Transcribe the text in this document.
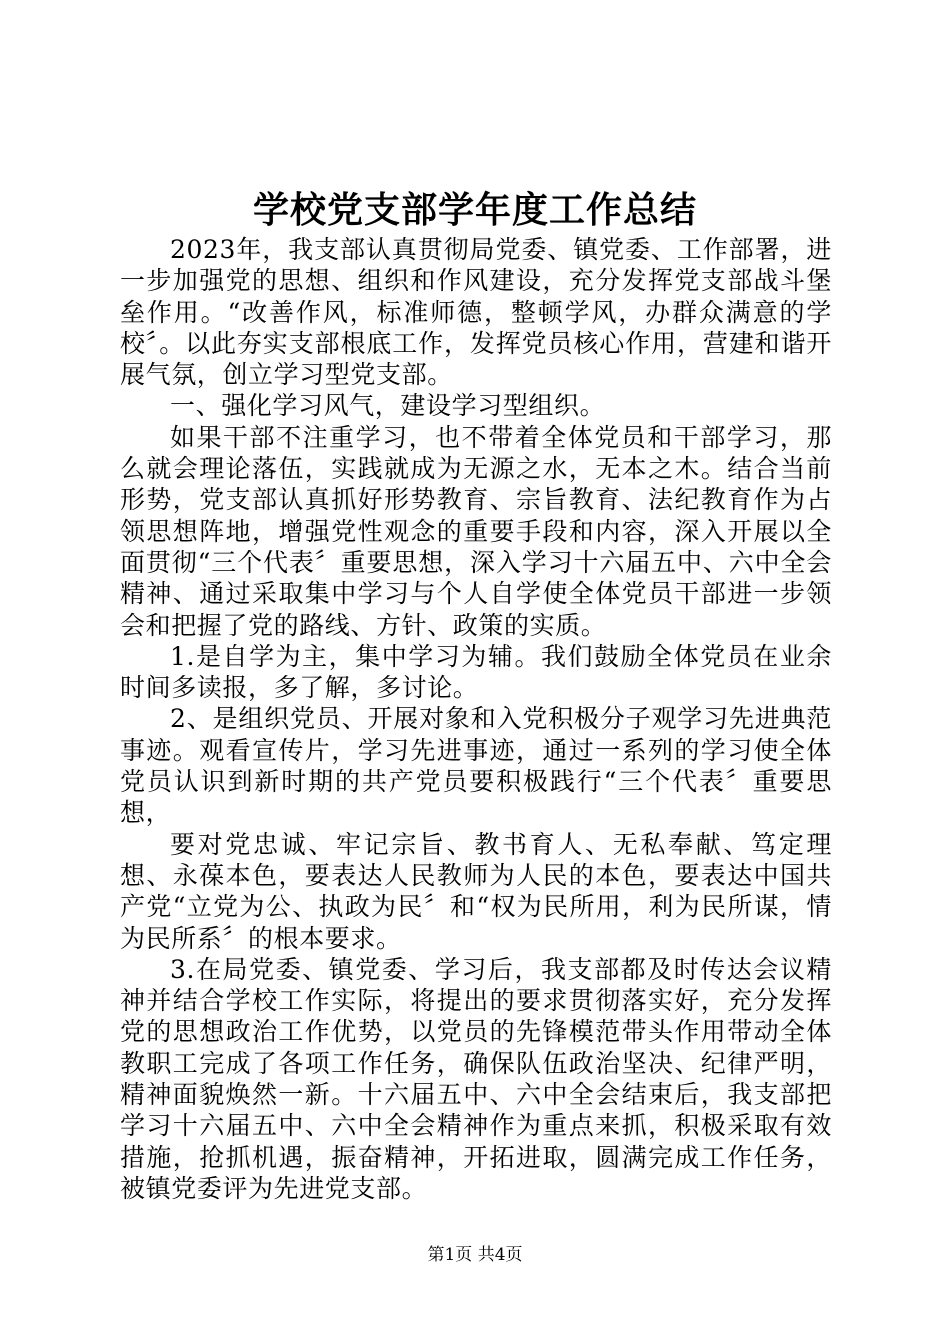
学校党支部学年度工作总结

2023年，我支部认真贯彻局党委、镇党委、工作部署，进一步加强党的思想、组织和作风建设，充分发挥党支部战斗堡垒作用。“改善作风，标准师德，整顿学风，办群众满意的学校〞。以此夯实支部根底工作，发挥党员核心作用，营建和谐开展气氛，创立学习型党支部。

一、强化学习风气，建设学习型组织。

如果干部不注重学习，也不带着全体党员和干部学习，那么就会理论落伍，实践就成为无源之水，无本之木。结合当前形势，党支部认真抓好形势教育、宗旨教育、法纪教育作为占领思想阵地，增强党性观念的重要手段和内容，深入开展以全面贯彻“三个代表〞重要思想，深入学习十六届五中、六中全会精神、通过采取集中学习与个人自学使全体党员干部进一步领会和把握了党的路线、方针、政策的实质。

1.是自学为主，集中学习为辅。我们鼓励全体党员在业余时间多读报，多了解，多讨论。

2、是组织党员、开展对象和入党积极分子观学习先进典范事迹。观看宣传片，学习先进事迹，通过一系列的学习使全体党员认识到新时期的共产党员要积极践行“三个代表〞重要思想，

要对党忠诚、牢记宗旨、教书育人、无私奉献、笃定理想、永葆本色，要表达人民教师为人民的本色，要表达中国共产党“立党为公、执政为民〞和“权为民所用，利为民所谋，情为民所系〞的根本要求。

3.在局党委、镇党委、学习后，我支部都及时传达会议精神并结合学校工作实际，将提出的要求贯彻落实好，充分发挥党的思想政治工作优势，以党员的先锋模范带头作用带动全体教职工完成了各项工作任务，确保队伍政治坚决、纪律严明，精神面貌焕然一新。十六届五中、六中全会结束后，我支部把学习十六届五中、六中全会精神作为重点来抓，积极采取有效措施，抢抓机遇，振奋精神，开拓进取，圆满完成工作任务，被镇党委评为先进党支部。

第1页 共4页
